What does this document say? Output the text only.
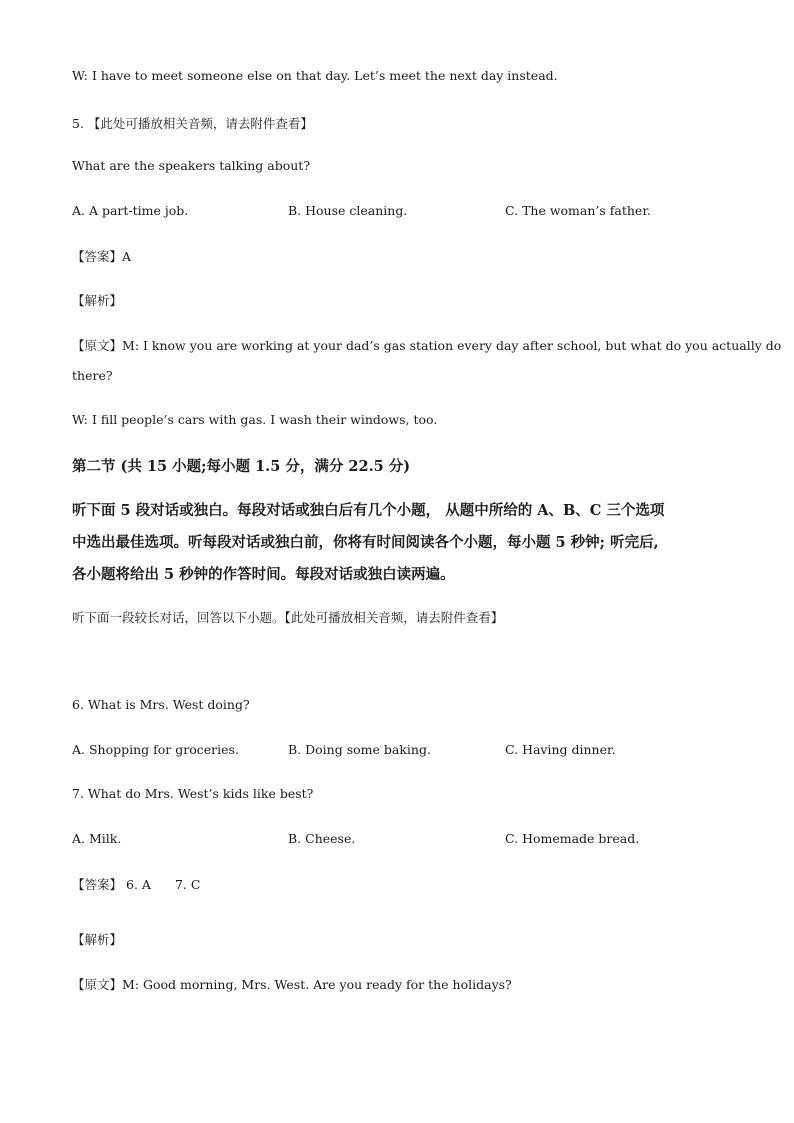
W: I have to meet someone else on that day. Let’s meet the next day instead.
5. 【此处可播放相关音频，请去附件查看】
What are the speakers talking about?
A. A part-time job.	B. House cleaning.	C. The woman’s father.
【答案】A
【解析】
【原文】M: I know you are working at your dad’s gas station every day after school, but what do you actually do
there?
W: I fill people’s cars with gas. I wash their windows, too.
第二节 (共 15 小题;每小题 1.5 分，满分 22.5 分)
听下面 5 段对话或独白。每段对话或独白后有几个小题， 从题中所给的 A、B、C 三个选项
中选出最佳选项。听每段对话或独白前，你将有时间阅读各个小题，每小题 5 秒钟; 听完后,
各小题将给出 5 秒钟的作答时间。每段对话或独白读两遍。
听下面一段较长对话，回答以下小题。【此处可播放相关音频，请去附件查看】
6. What is Mrs. West doing?
A. Shopping for groceries.	B. Doing some baking.	C. Having dinner.
7. What do Mrs. West’s kids like best?
A. Milk.	B. Cheese.	C. Homemade bread.
【答案】 6. A 7. C
【解析】
【原文】M: Good morning, Mrs. West. Are you ready for the holidays?
